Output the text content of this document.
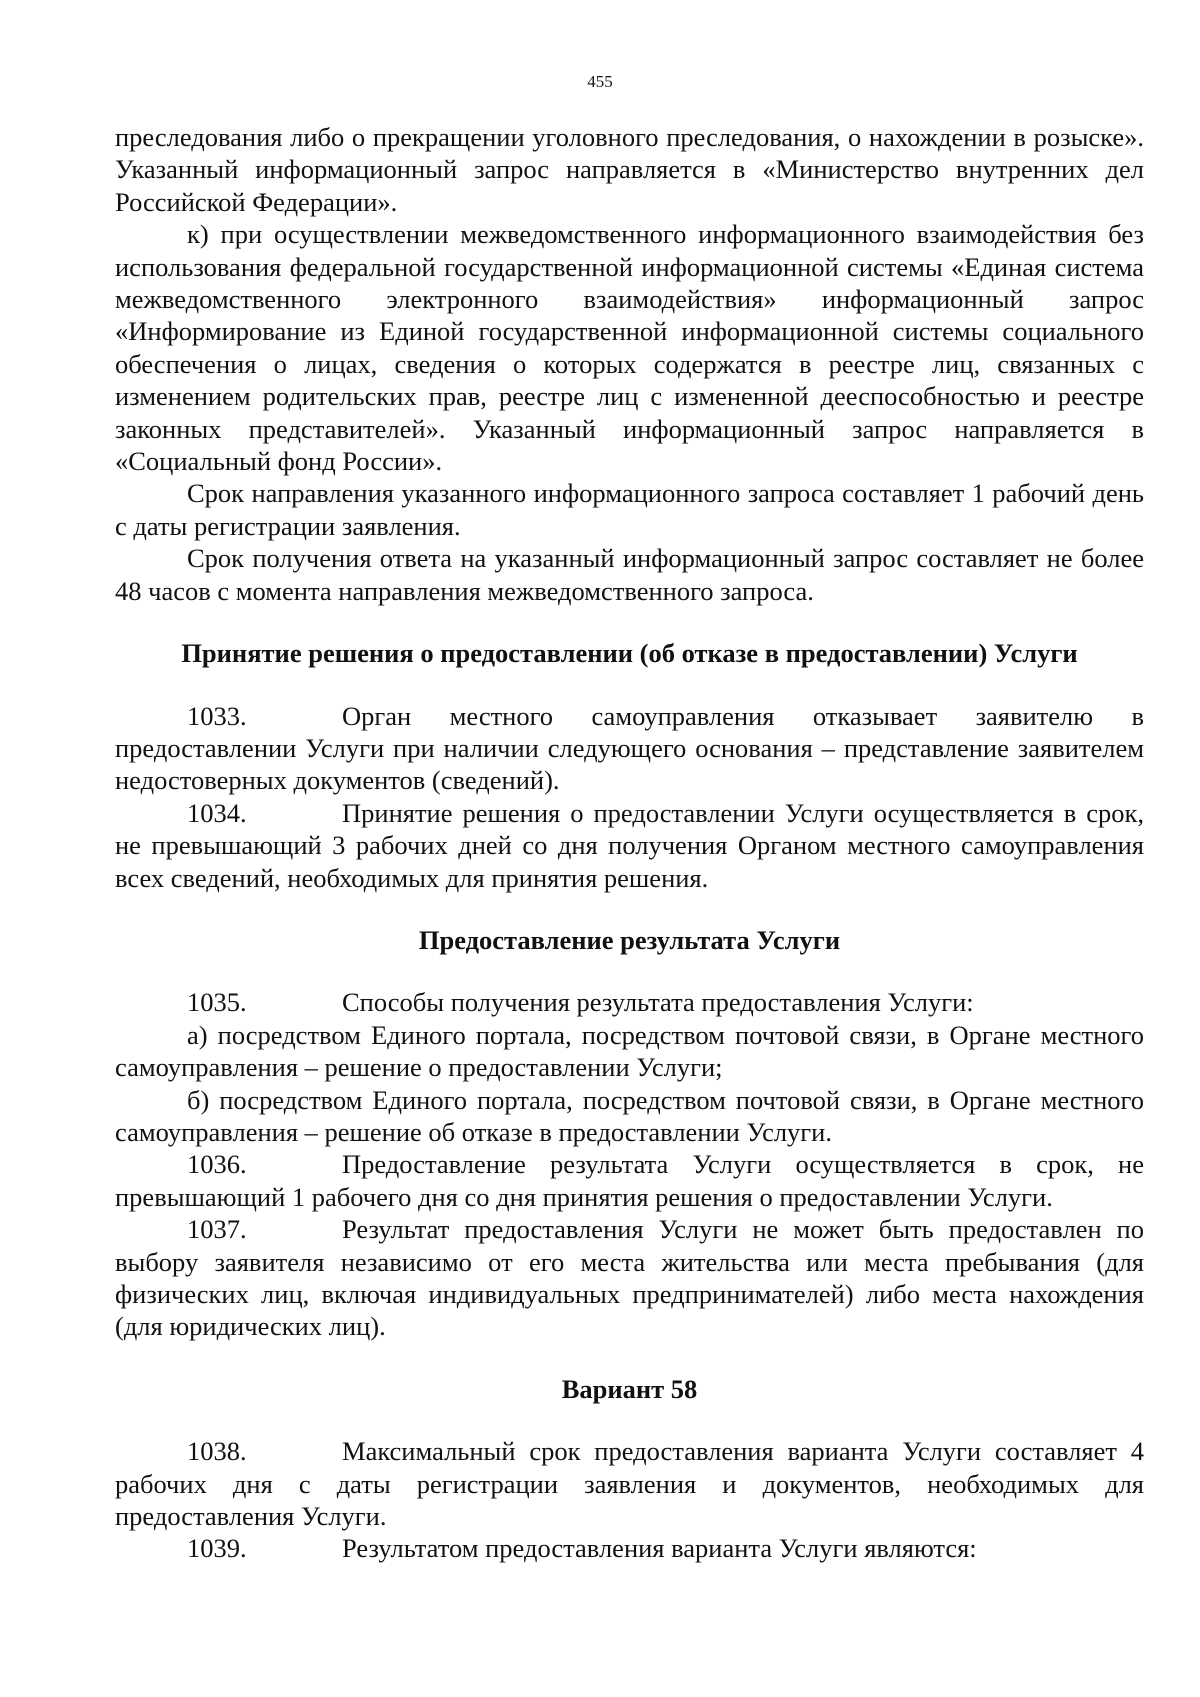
455

преследования либо о прекращении уголовного преследования, о нахождении в розыске». Указанный информационный запрос направляется в «Министерство внутренних дел Российской Федерации».

к) при осуществлении межведомственного информационного взаимодействия без использования федеральной государственной информационной системы «Единая система межведомственного электронного взаимодействия» информационный запрос «Информирование из Единой государственной информационной системы социального обеспечения о лицах, сведения о которых содержатся в реестре лиц, связанных с изменением родительских прав, реестре лиц с измененной дееспособностью и реестре законных представителей». Указанный информационный запрос направляется в «Социальный фонд России».

Срок направления указанного информационного запроса составляет 1 рабочий день с даты регистрации заявления.

Срок получения ответа на указанный информационный запрос составляет не более 48 часов с момента направления межведомственного запроса.

Принятие решения о предоставлении (об отказе в предоставлении) Услуги

1033.	Орган местного самоуправления отказывает заявителю в предоставлении Услуги при наличии следующего основания – представление заявителем недостоверных документов (сведений).

1034.	Принятие решения о предоставлении Услуги осуществляется в срок, не превышающий 3 рабочих дней со дня получения Органом местного самоуправления всех сведений, необходимых для принятия решения.

Предоставление результата Услуги

1035.	Способы получения результата предоставления Услуги:

а) посредством Единого портала, посредством почтовой связи, в Органе местного самоуправления – решение о предоставлении Услуги;

б) посредством Единого портала, посредством почтовой связи, в Органе местного самоуправления – решение об отказе в предоставлении Услуги.

1036.	Предоставление результата Услуги осуществляется в срок, не превышающий 1 рабочего дня со дня принятия решения о предоставлении Услуги.

1037.	Результат предоставления Услуги не может быть предоставлен по выбору заявителя независимо от его места жительства или места пребывания (для физических лиц, включая индивидуальных предпринимателей) либо места нахождения (для юридических лиц).

Вариант 58

1038.	Максимальный срок предоставления варианта Услуги составляет 4 рабочих дня с даты регистрации заявления и документов, необходимых для предоставления Услуги.

1039.	Результатом предоставления варианта Услуги являются:
